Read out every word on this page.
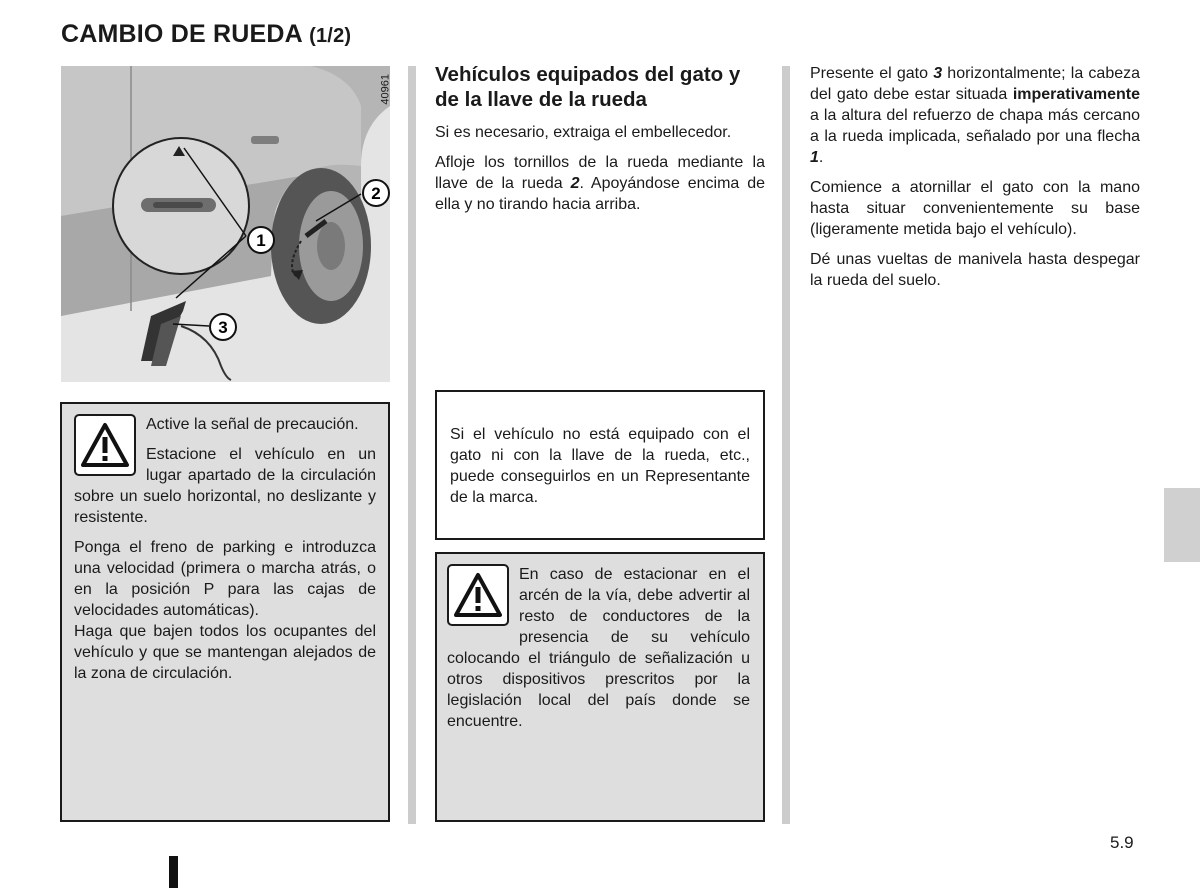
CAMBIO DE RUEDA (1/2)
1
2
3
40961

Active la señal de precaución.

Estacione el vehículo en un lugar apartado de la circulación sobre un suelo horizontal, no deslizante y resistente.

Ponga el freno de parking e introduzca una velocidad (primera o marcha atrás, o en la posición P para las cajas de velocidades automáticas).

Haga que bajen todos los ocupantes del vehículo y que se mantengan alejados de la zona de circulación.

Vehículos equipados del gato y de la llave de la rueda

Si es necesario, extraiga el embellecedor.

Afloje los tornillos de la rueda mediante la llave de la rueda 2. Apoyándose encima de ella y no tirando hacia arriba.

Si el vehículo no está equipado con el gato ni con la llave de la rueda, etc., puede conseguirlos en un Representante de la marca.

En caso de estacionar en el arcén de la vía, debe advertir al resto de conductores de la presencia de su vehículo colocando el triángulo de señalización u otros dispositivos prescritos por la legislación local del país donde se encuentre.

Presente el gato 3 horizontalmente; la cabeza del gato debe estar situada imperativamente a la altura del refuerzo de chapa más cercano a la rueda implicada, señalado por una flecha 1.

Comience a atornillar el gato con la mano hasta situar convenientemente su base (ligeramente metida bajo el vehículo).

Dé unas vueltas de manivela hasta despegar la rueda del suelo.

5.9
